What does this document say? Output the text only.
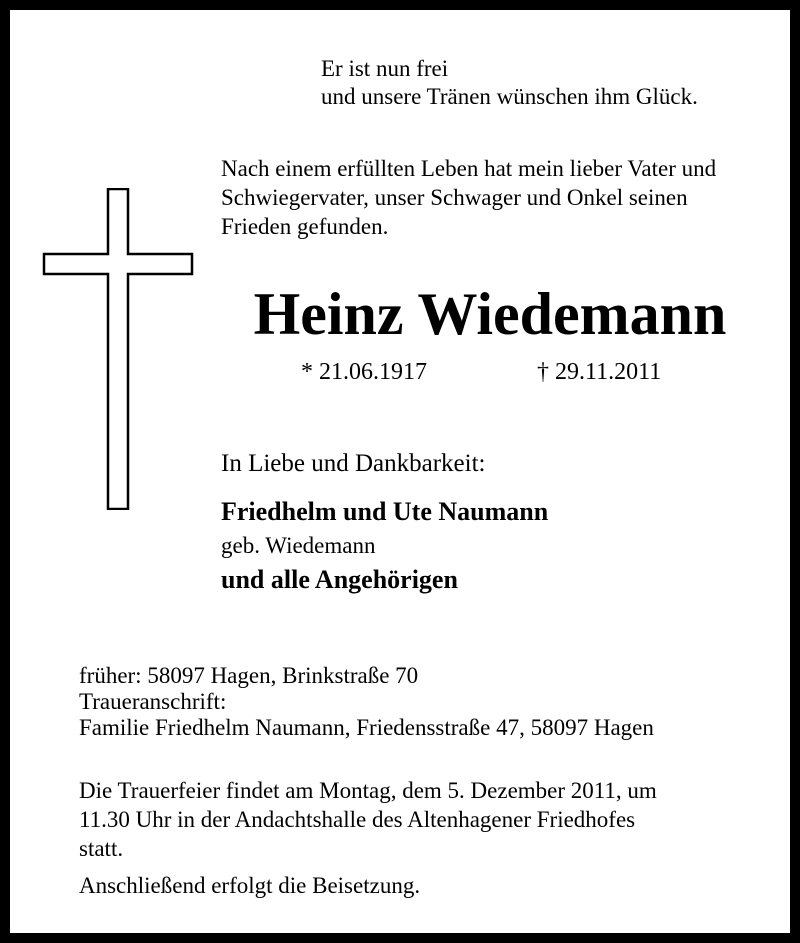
Er ist nun frei
und unsere Tränen wünschen ihm Glück.

Nach einem erfüllten Leben hat mein lieber Vater und
Schwiegervater, unser Schwager und Onkel seinen
Frieden gefunden.

Heinz Wiedemann
* 21.06.1917	† 29.11.2011
In Liebe und Dankbarkeit:
Friedhelm und Ute Naumann
geb. Wiedemann
und alle Angehörigen

früher: 58097 Hagen, Brinkstraße 70
Traueranschrift:
Familie Friedhelm Naumann, Friedensstraße 47, 58097 Hagen

Die Trauerfeier findet am Montag, dem 5. Dezember 2011, um
11.30 Uhr in der Andachtshalle des Altenhagener Friedhofes
statt.

Anschließend erfolgt die Beisetzung.
